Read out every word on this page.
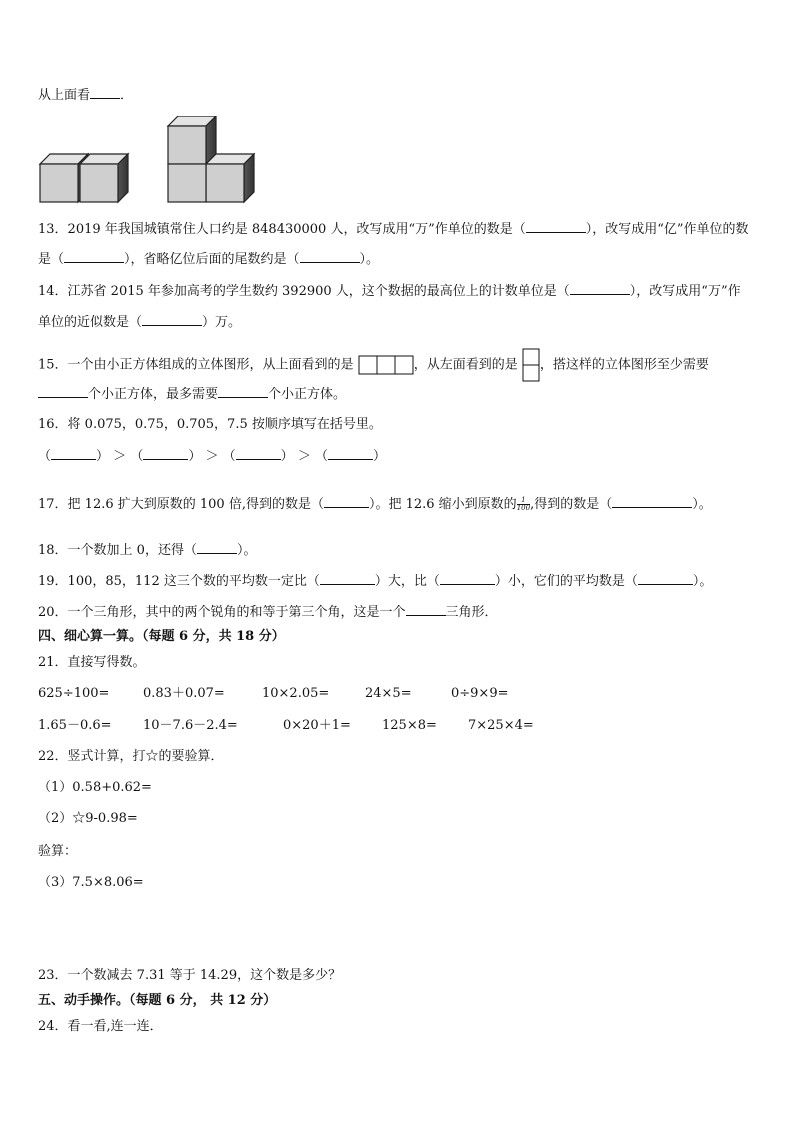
从上面看 ．
13．2019 年我国城镇常住人口约是 848430000 人，改写成用“万”作单位的数是（	），改写成用“亿”作单位的数
是（	），省略亿位后面的尾数约是（	）。
14．江苏省 2015 年参加高考的学生数约 392900 人，这个数据的最高位上的计数单位是（	），改写成用“万”作
单位的近似数是（	）万。
15．一个由小正方体组成的立体图形，从上面看到的是	，从左面看到的是 ，搭这样的立体图形至少需要
个小正方体，最多需要	个小正方体。
16．将 0.075，0.75，0.705，7.5 按顺序填写在括号里。
（	） ＞ （	） ＞ （	） ＞ （	）
17．把 12.6 扩大到原数的 100 倍,得到的数是（	）。把 12.6 缩小到原数的 $\frac{1}{100}$ ,得到的数是（	）。
18．一个数加上 0，还得（	）。
19．100，85，112 这三个数的平均数一定比（	）大，比（	）小，它们的平均数是（	）。
20．一个三角形，其中的两个锐角的和等于第三个角，这是一个	三角形．
四、细心算一算。（每题 6 分，共 18 分）
21．直接写得数。
625÷100=	0.83＋0.07=	10×2.05=	24×5=	0÷9×9=
1.65－0.6= 10－7.6－2.4=	0×20＋1= 125×8= 7×25×4=
22．竖式计算，打☆的要验算．
（1）0.58+0.62=
（2）☆9-0.98=
验算：
（3）7.5×8.06=
23．一个数减去 7.31 等于 14.29，这个数是多少？
五、动手操作。（每题 6 分， 共 12 分）
24．看一看,连一连．
